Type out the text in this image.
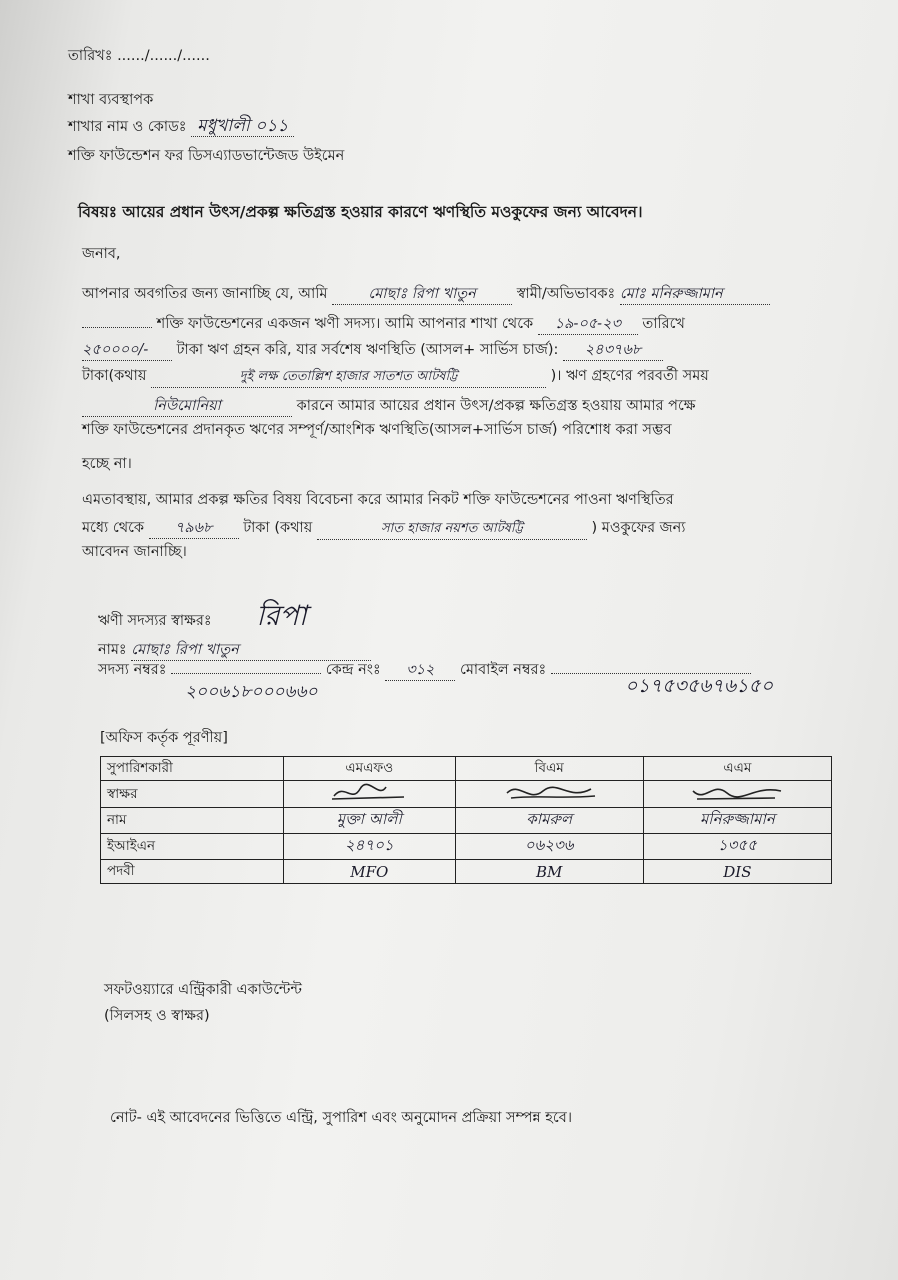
তারিখঃ ....../....../......
শাখা ব্যবস্থাপক
শাখার নাম ও কোডঃ মধুখালী ০১১
শক্তি ফাউন্ডেশন ফর ডিসএ্যাডভান্টেজড উইমেন
বিষয়ঃ আয়ের প্রধান উৎস/প্রকল্প ক্ষতিগ্রস্ত হওয়ার কারণে ঋণস্থিতি মওকুফের জন্য আবেদন।
জনাব,
আপনার অবগতির জন্য জানাচ্ছি যে, আমি	মোছাঃ রিপা খাতুন	স্বামী/অভিভাবকঃ মোঃ মনিরুজ্জামান
শক্তি ফাউন্ডেশনের একজন ঋণী সদস্য। আমি আপনার শাখা থেকে ১৯-০৫-২৩ তারিখে
২৫০০০০/- টাকা ঋণ গ্রহন করি, যার সর্বশেষ ঋণস্থিতি (আসল+ সার্ভিস চার্জ): ২৪৩৭৬৮
টাকা(কথায়	দুই লক্ষ তেতাল্লিশ হাজার সাতশত আটষট্টি	)। ঋণ গ্রহণের পরবর্তী সময়
নিউমোনিয়া	কারনে আমার আয়ের প্রধান উৎস/প্রকল্প ক্ষতিগ্রস্ত হওয়ায় আমার পক্ষে
শক্তি ফাউন্ডেশনের প্রদানকৃত ঋণের সম্পূর্ণ/আংশিক ঋণস্থিতি(আসল+সার্ভিস চার্জ) পরিশোধ করা সম্ভব
হচ্ছে না।
এমতাবস্থায়, আমার প্রকল্প ক্ষতির বিষয় বিবেচনা করে আমার নিকট শক্তি ফাউন্ডেশনের পাওনা ঋণস্থিতির
মধ্যে থেকে ৭৯৬৮ টাকা (কথায়	সাত হাজার নয়শত আটষট্টি	) মওকুফের জন্য
আবেদন জানাচ্ছি।
ঋণী সদস্যর স্বাক্ষরঃ রিপা
নামঃ মোছাঃ রিপা খাতুন
সদস্য নম্বরঃ	কেন্দ্র নংঃ ৩১২ মোবাইল নম্বরঃ
২০০৬১৮০০০৬৬০	০১৭৫৩৫৬৭৬১৫০
[অফিস কর্তৃক পূরণীয়]
সুপারিশকারী	এমএফও	বিএম	এএম
স্বাক্ষর			
নাম	মুক্তা আলী	কামরুল	মনিরুজ্জামান
ইআইএন	২৪৭০১	০৬২৩৬	১৩৫৫
পদবী	MFO	BM	DIS
সফটওয়্যারে এন্ট্রিকারী একাউন্টেন্ট
(সিলসহ ও স্বাক্ষর)
নোট- এই আবেদনের ভিত্তিতে এন্ট্রি, সুপারিশ এবং অনুমোদন প্রক্রিয়া সম্পন্ন হবে।
